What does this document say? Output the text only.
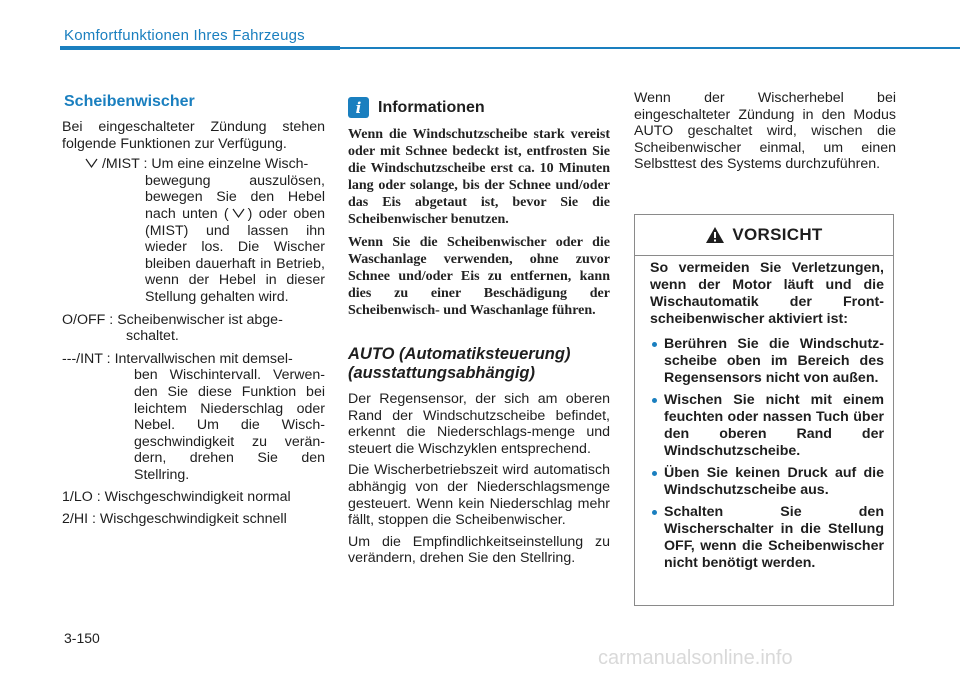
Komfortfunktionen Ihres Fahrzeugs
Scheibenwischer

Bei eingeschalteter Zündung stehen folgende Funktionen zur Verfügung.

/MIST : Um eine einzelne Wisch-
bewegung auszulösen, bewegen Sie den Hebel nach unten ( ) oder oben (MIST) und lassen ihn wieder los. Die Wischer bleiben dauerhaft in Betrieb, wenn der Hebel in dieser Stellung gehalten wird.
O/OFF : Scheibenwischer ist abge-
schaltet.
---/INT : Intervallwischen mit demsel-
ben Wischintervall. Verwen-den Sie diese Funktion bei leichtem Niederschlag oder Nebel. Um die Wisch-geschwindigkeit zu verän-dern, drehen Sie den Stellring.

1/LO : Wischgeschwindigkeit normal

2/HI : Wischgeschwindigkeit schnell

i	Informationen

Wenn die Windschutzscheibe stark vereist oder mit Schnee bedeckt ist, entfrosten Sie die Windschutzscheibe erst ca. 10 Minuten lang oder solange, bis der Schnee und/oder das Eis abgetaut ist, bevor Sie die Scheibenwischer benutzen.

Wenn Sie die Scheibenwischer oder die Waschanlage verwenden, ohne zuvor Schnee und/oder Eis zu entfernen, kann dies zu einer Beschädigung der Scheibenwisch- und Waschanlage führen.

AUTO (Automatiksteuerung) (ausstattungsabhängig)

Der Regensensor, der sich am oberen Rand der Windschutzscheibe befindet, erkennt die Niederschlags-menge und steuert die Wischzyklen entsprechend.

Die Wischerbetriebszeit wird automatisch abhängig von der Niederschlagsmenge gesteuert. Wenn kein Niederschlag mehr fällt, stoppen die Scheibenwischer.

Um die Empfindlichkeitseinstellung zu verändern, drehen Sie den Stellring.

Wenn der Wischerhebel bei eingeschalteter Zündung in den Modus AUTO geschaltet wird, wischen die Scheibenwischer einmal, um einen Selbsttest des Systems durchzuführen.

VORSICHT

So vermeiden Sie Verletzungen, wenn der Motor läuft und die Wischautomatik der Front-scheibenwischer aktiviert ist:

Berühren Sie die Windschutz-scheibe oben im Bereich des Regensensors nicht von außen.
Wischen Sie nicht mit einem feuchten oder nassen Tuch über den oberen Rand der Windschutzscheibe.
Üben Sie keinen Druck auf die Windschutzscheibe aus.
Schalten Sie den Wischerschalter in die Stellung OFF, wenn die Scheibenwischer nicht benötigt werden.
3-150
carmanualsonline.info
